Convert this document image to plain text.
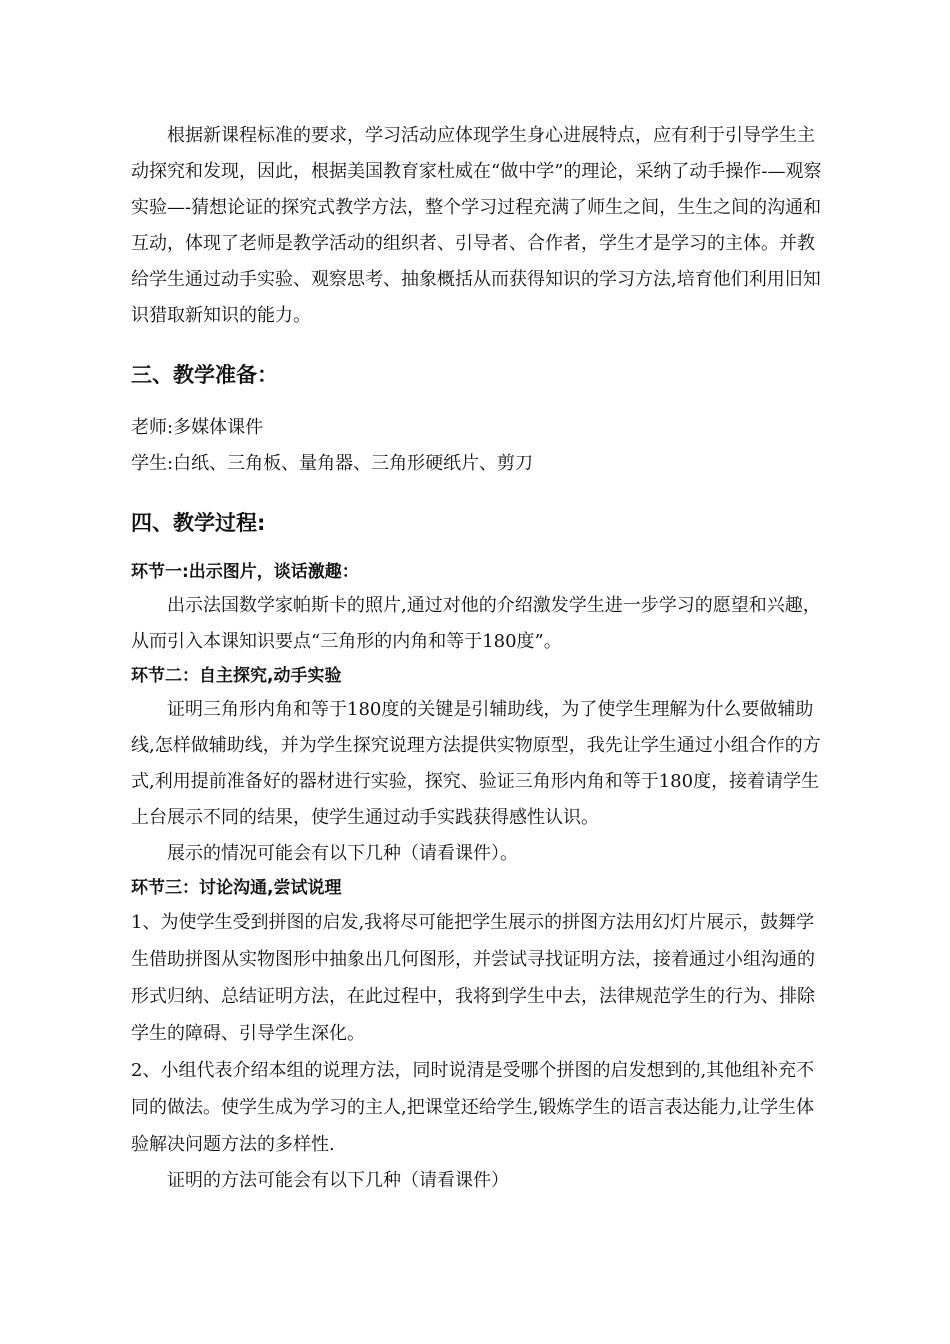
根据新课程标准的要求，学习活动应体现学生身心进展特点，应有利于引导学生主动探究和发现，因此，根据美国教育家杜威在“做中学”的理论，采纳了动手操作-—观察实验—-猜想论证的探究式教学方法，整个学习过程充满了师生之间，生生之间的沟通和互动，体现了老师是教学活动的组织者、引导者、合作者，学生才是学习的主体。并教给学生通过动手实验、观察思考、抽象概括从而获得知识的学习方法,培育他们利用旧知识猎取新知识的能力。

三、教学准备：

老师:多媒体课件

学生:白纸、三角板、量角器、三角形硬纸片、剪刀

四、教学过程:
环节一:出示图片，谈话激趣：

出示法国数学家帕斯卡的照片,通过对他的介绍激发学生进一步学习的愿望和兴趣，从而引入本课知识要点“三角形的内角和等于180度”。

环节二：自主探究,动手实验

证明三角形内角和等于180度的关键是引辅助线，为了使学生理解为什么要做辅助线,怎样做辅助线，并为学生探究说理方法提供实物原型，我先让学生通过小组合作的方式,利用提前准备好的器材进行实验，探究、验证三角形内角和等于180度，接着请学生上台展示不同的结果，使学生通过动手实践获得感性认识。

展示的情况可能会有以下几种（请看课件）。

环节三：讨论沟通,尝试说理

1、为使学生受到拼图的启发,我将尽可能把学生展示的拼图方法用幻灯片展示，鼓舞学生借助拼图从实物图形中抽象出几何图形，并尝试寻找证明方法，接着通过小组沟通的形式归纳、总结证明方法，在此过程中，我将到学生中去，法律规范学生的行为、排除学生的障碍、引导学生深化。

2、小组代表介绍本组的说理方法，同时说清是受哪个拼图的启发想到的,其他组补充不同的做法。使学生成为学习的主人,把课堂还给学生,锻炼学生的语言表达能力,让学生体验解决问题方法的多样性.

证明的方法可能会有以下几种（请看课件）
